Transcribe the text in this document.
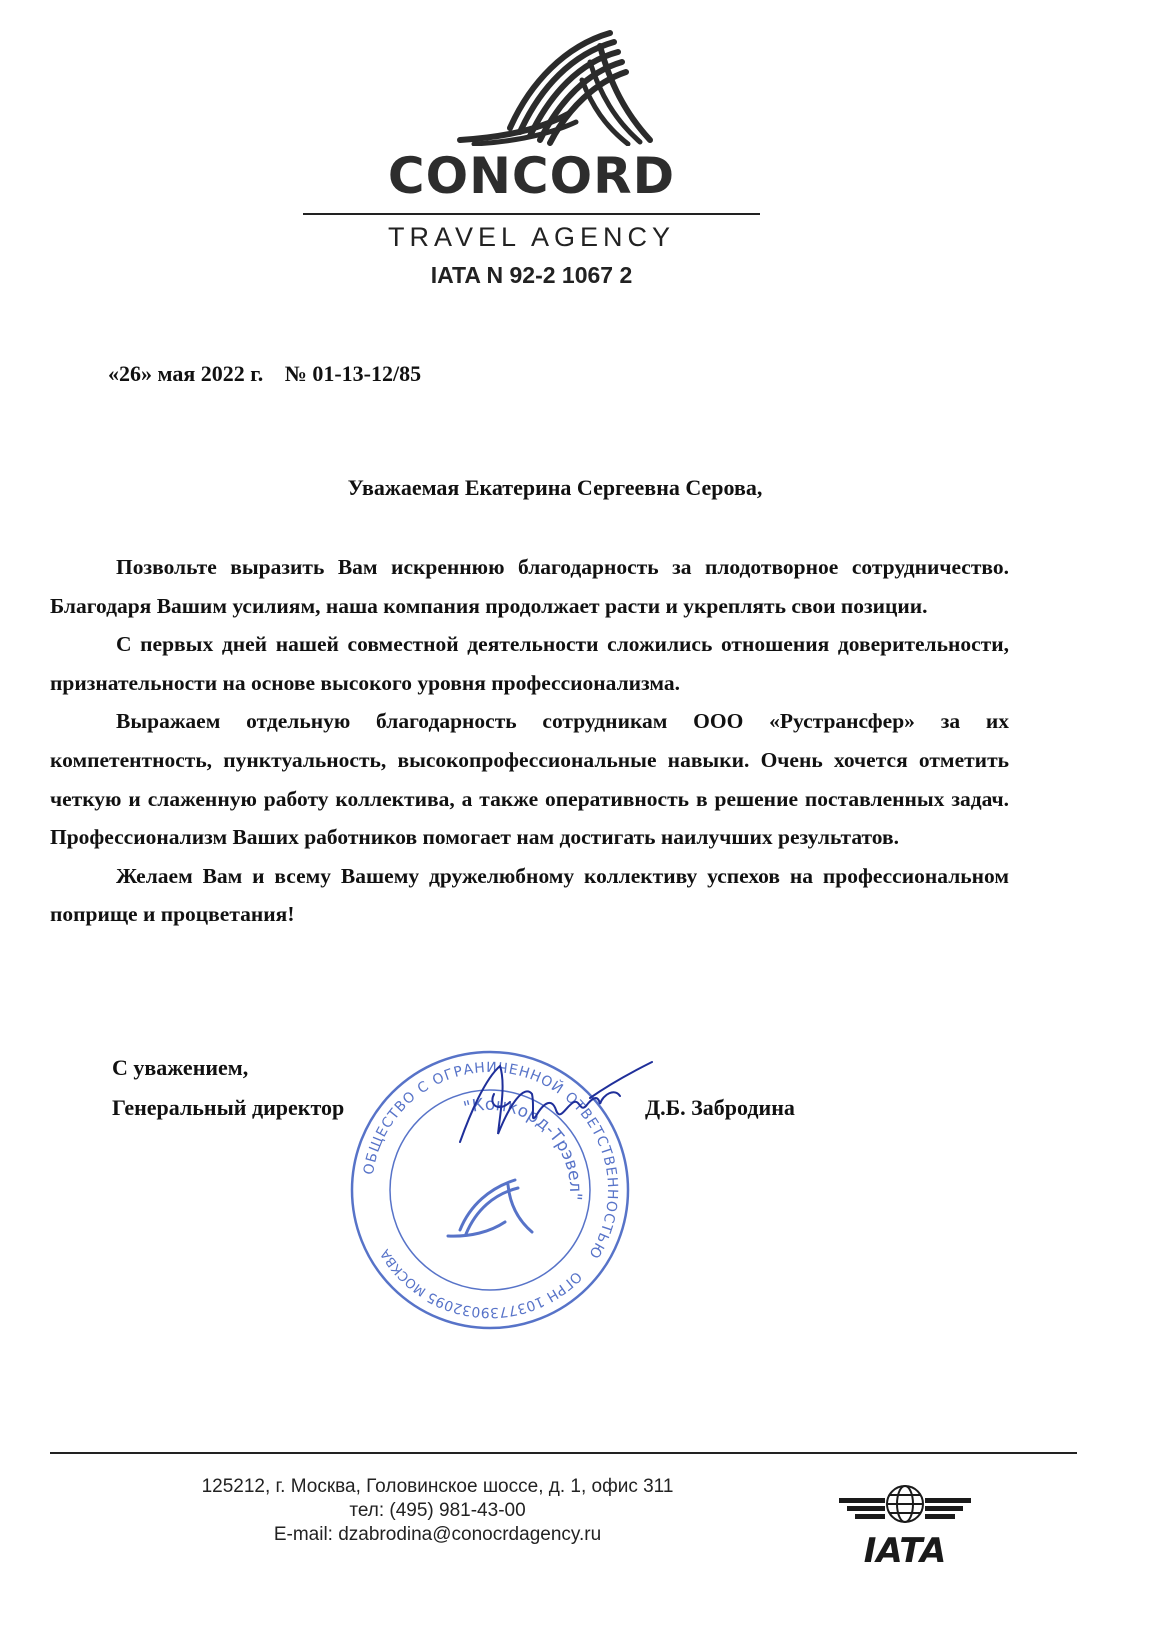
CONCORD
TRAVEL AGENCY
IATA N 92-2 1067 2
«26» мая 2022 г. № 01-13-12/85
Уважаемая Екатерина Сергеевна Серова,

Позвольте выразить Вам искреннюю благодарность за плодотворное сотрудничество. Благодаря Вашим усилиям, наша компания продолжает расти и укреплять свои позиции.

С первых дней нашей совместной деятельности сложились отношения доверительности, признательности на основе высокого уровня профессионализма.

Выражаем отдельную благодарность сотрудникам ООО «Рустрансфер» за их компетентность, пунктуальность, высокопрофессиональные навыки. Очень хочется отметить четкую и слаженную работу коллектива, а также оперативность в решение поставленных задач. Профессионализм Ваших работников помогает нам достигать наилучших результатов.

Желаем Вам и всему Вашему дружелюбному коллективу успехов на профессиональном поприще и процветания!

С уважением,
Генеральный директор	Д.Б. Забродина
ОБЩЕСТВО С ОГРАНИЧЕННОЙ ОТВЕТСТВЕННОСТЬЮ
ОГРН 1037739032095
МОСКВА
"Конкорд-Трэвел"
125212, г. Москва, Головинское шоссе, д. 1, офис 311
тел: (495) 981-43-00
E-mail: dzabrodina@conocrdagency.ru	IATA
